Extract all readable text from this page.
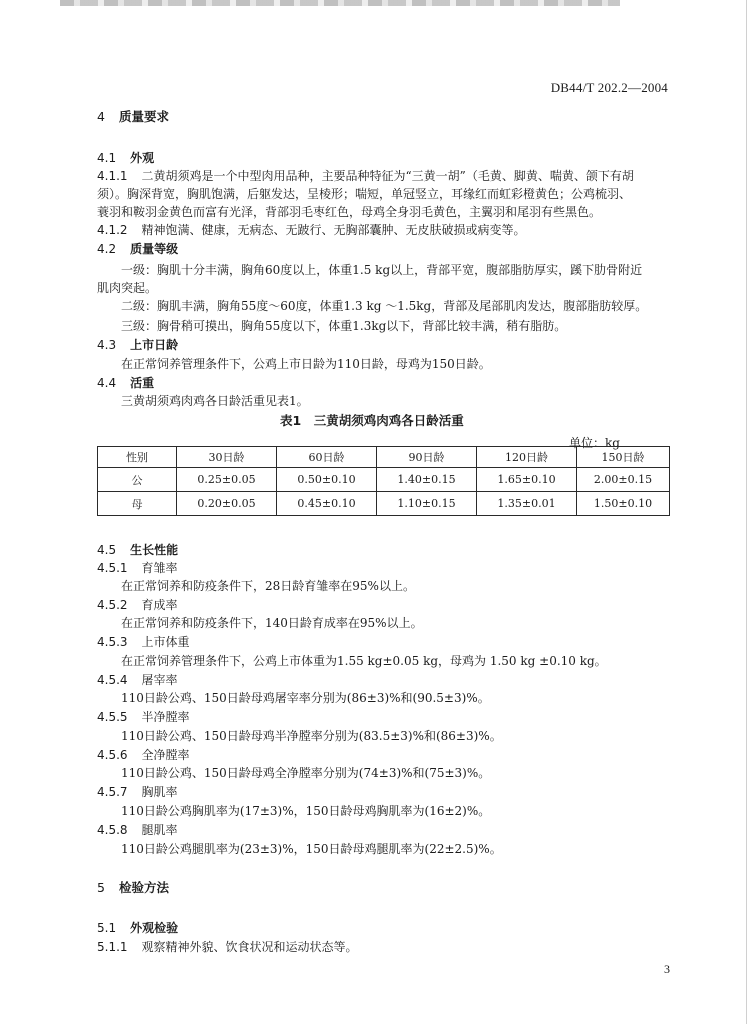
DB44/T 202.2—2004
4 质量要求
4.1 外观
4.1.1 二黄胡须鸡是一个中型肉用品种，主要品种特征为“三黄一胡”（毛黄、脚黄、喘黄、颌下有胡
须）。胸深背宽，胸肌饱满，后躯发达，呈棱形；喘短，单冠竖立，耳缘红而虹彩橙黄色；公鸡梳羽、
蓑羽和鞍羽金黄色而富有光泽，背部羽毛枣红色，母鸡全身羽毛黄色，主翼羽和尾羽有些黑色。
4.1.2 精神饱满、健康，无病态、无跛行、无胸部囊肿、无皮肤破损或病变等。
4.2 质量等级
一级：胸肌十分丰满，胸角60度以上，体重1.5 kg以上，背部平宽，腹部脂肪厚实，蹊下肋骨附近
肌肉突起。
二级：胸肌丰满，胸角55度～60度，体重1.3 kg ～1.5kg，背部及尾部肌肉发达，腹部脂肪较厚。
三级：胸骨稍可摸出，胸角55度以下，体重1.3kg以下，背部比较丰满，稍有脂肪。
4.3 上市日龄
在正常饲养管理条件下，公鸡上市日龄为110日龄，母鸡为150日龄。
4.4 活重
三黄胡须鸡肉鸡各日龄活重见表1。
表1　三黄胡须鸡肉鸡各日龄活重
单位：kg
性别	30日龄	60日龄	90日龄	120日龄	150日龄
公	0.25±0.05	0.50±0.10	1.40±0.15	1.65±0.10	2.00±0.15
母	0.20±0.05	0.45±0.10	1.10±0.15	1.35±0.01	1.50±0.10
4.5 生长性能
4.5.1 育雏率
在正常饲养和防疫条件下，28日龄育雏率在95%以上。
4.5.2 育成率
在正常饲养和防疫条件下，140日龄育成率在95%以上。
4.5.3 上市体重
在正常饲养管理条件下，公鸡上市体重为1.55 kg±0.05 kg，母鸡为 1.50 kg ±0.10 kg。
4.5.4 屠宰率
110日龄公鸡、150日龄母鸡屠宰率分别为(86±3)%和(90.5±3)%。
4.5.5 半净膛率
110日龄公鸡、150日龄母鸡半净膛率分别为(83.5±3)%和(86±3)%。
4.5.6 全净膛率
110日龄公鸡、150日龄母鸡全净膛率分别为(74±3)%和(75±3)%。
4.5.7 胸肌率
110日龄公鸡胸肌率为(17±3)%，150日龄母鸡胸肌率为(16±2)%。
4.5.8 腿肌率
110日龄公鸡腿肌率为(23±3)%，150日龄母鸡腿肌率为(22±2.5)%。
5 检验方法
5.1 外观检验
5.1.1 观察精神外貌、饮食状况和运动状态等。
3
